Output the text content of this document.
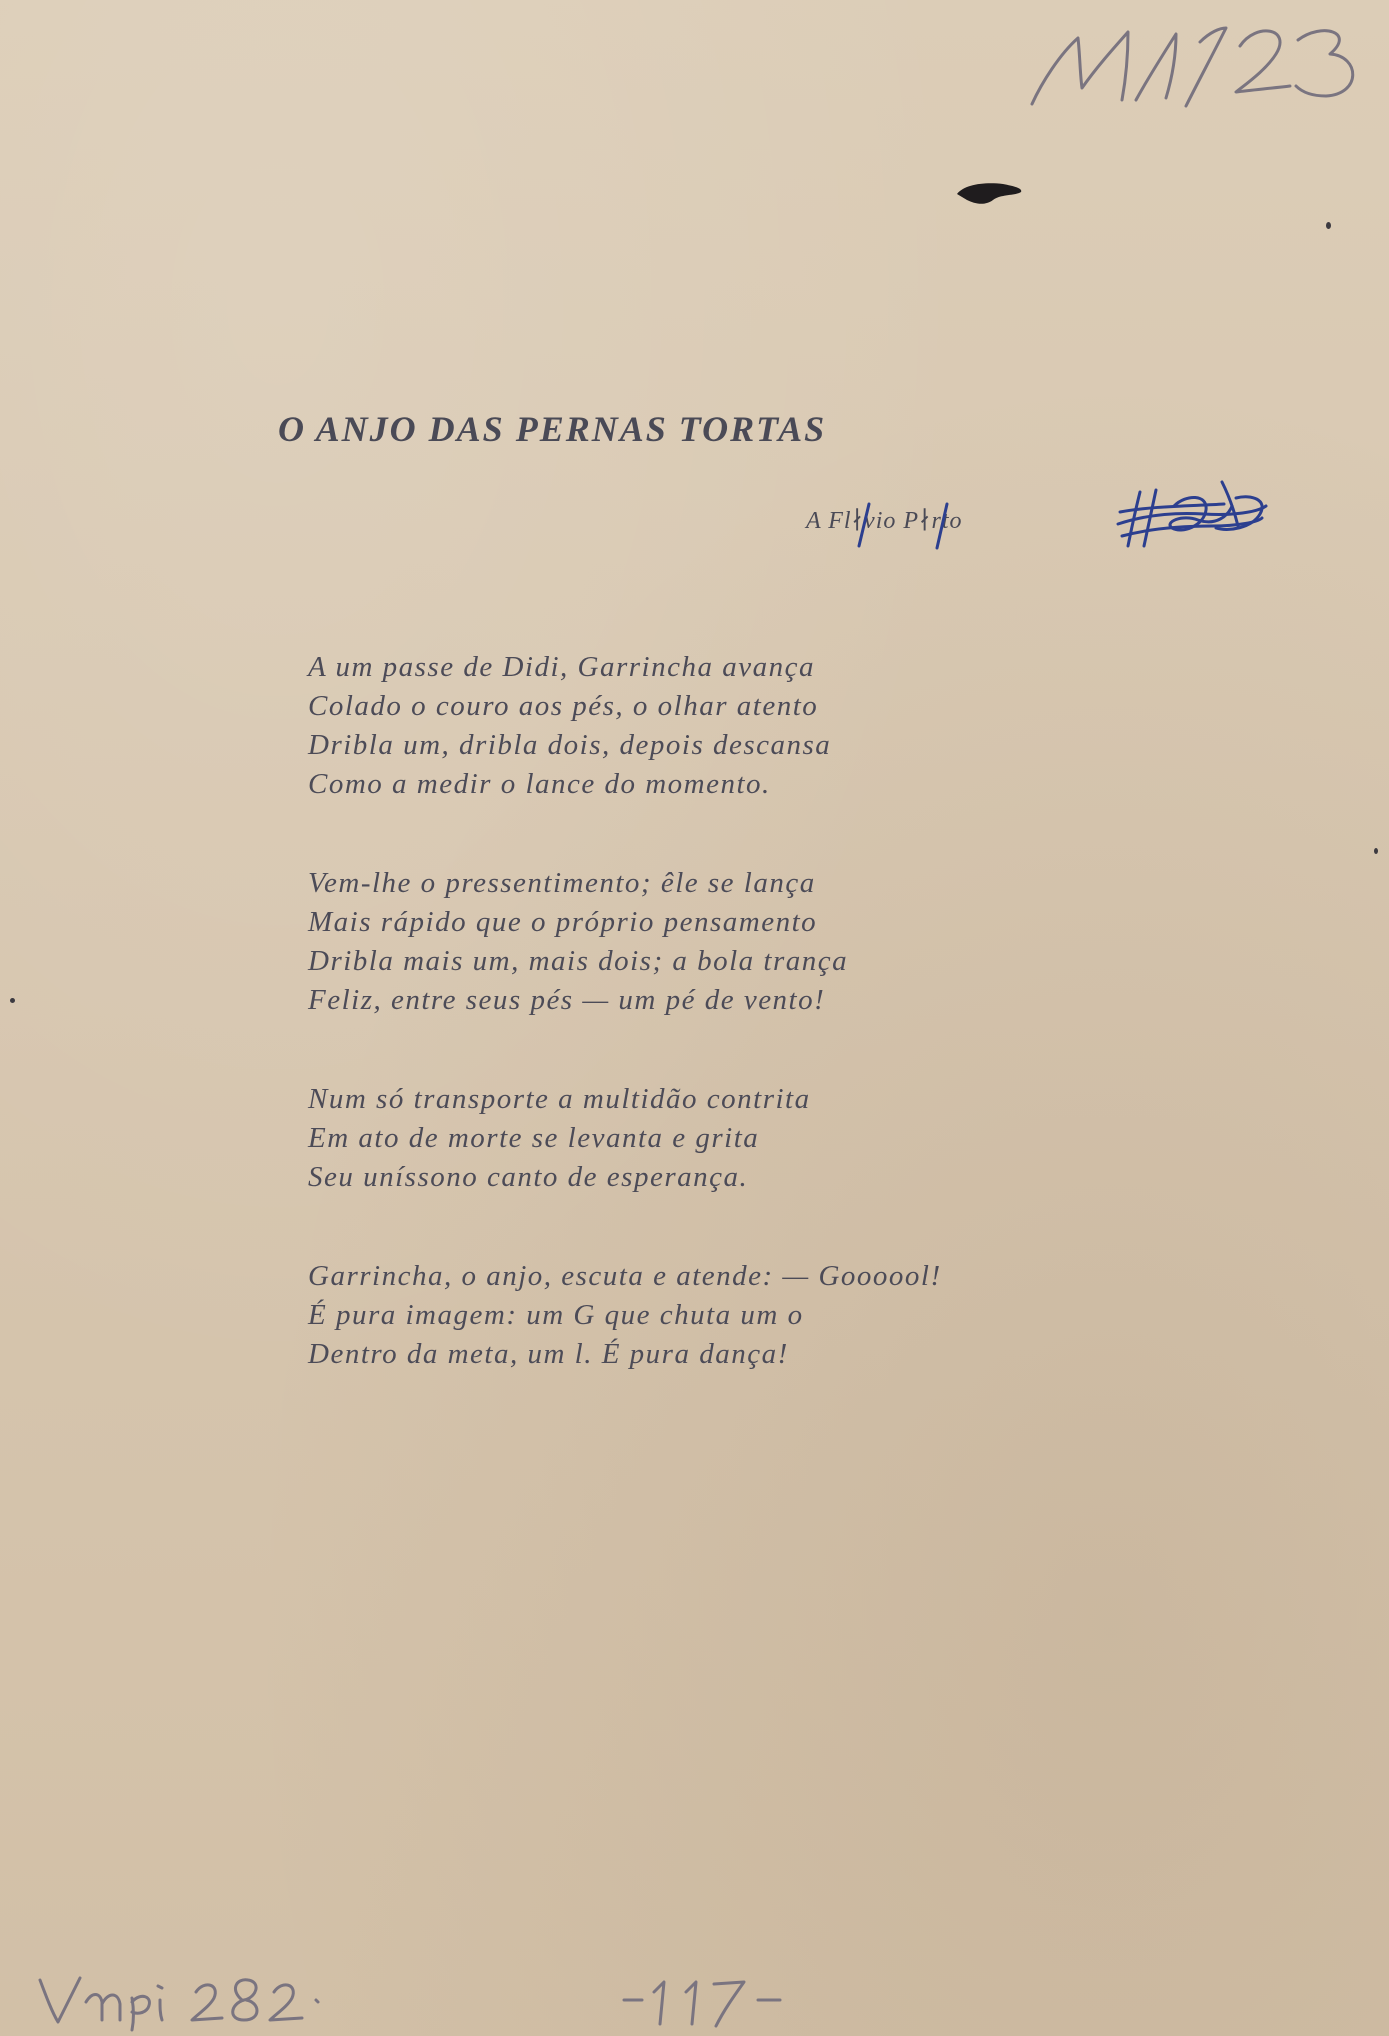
O ANJO DAS PERNAS TORTAS
A Fl∤vio P∤rto
A um passe de Didi, Garrincha avança
Colado o couro aos pés, o olhar atento
Dribla um, dribla dois, depois descansa
Como a medir o lance do momento.
Vem-lhe o pressentimento; êle se lança
Mais rápido que o próprio pensamento
Dribla mais um, mais dois; a bola trança
Feliz, entre seus pés — um pé de vento!
Num só transporte a multidão contrita
Em ato de morte se levanta e grita
Seu uníssono canto de esperança.
Garrincha, o anjo, escuta e atende: — Goooool!
É pura imagem: um G que chuta um o
Dentro da meta, um l. É pura dança!
